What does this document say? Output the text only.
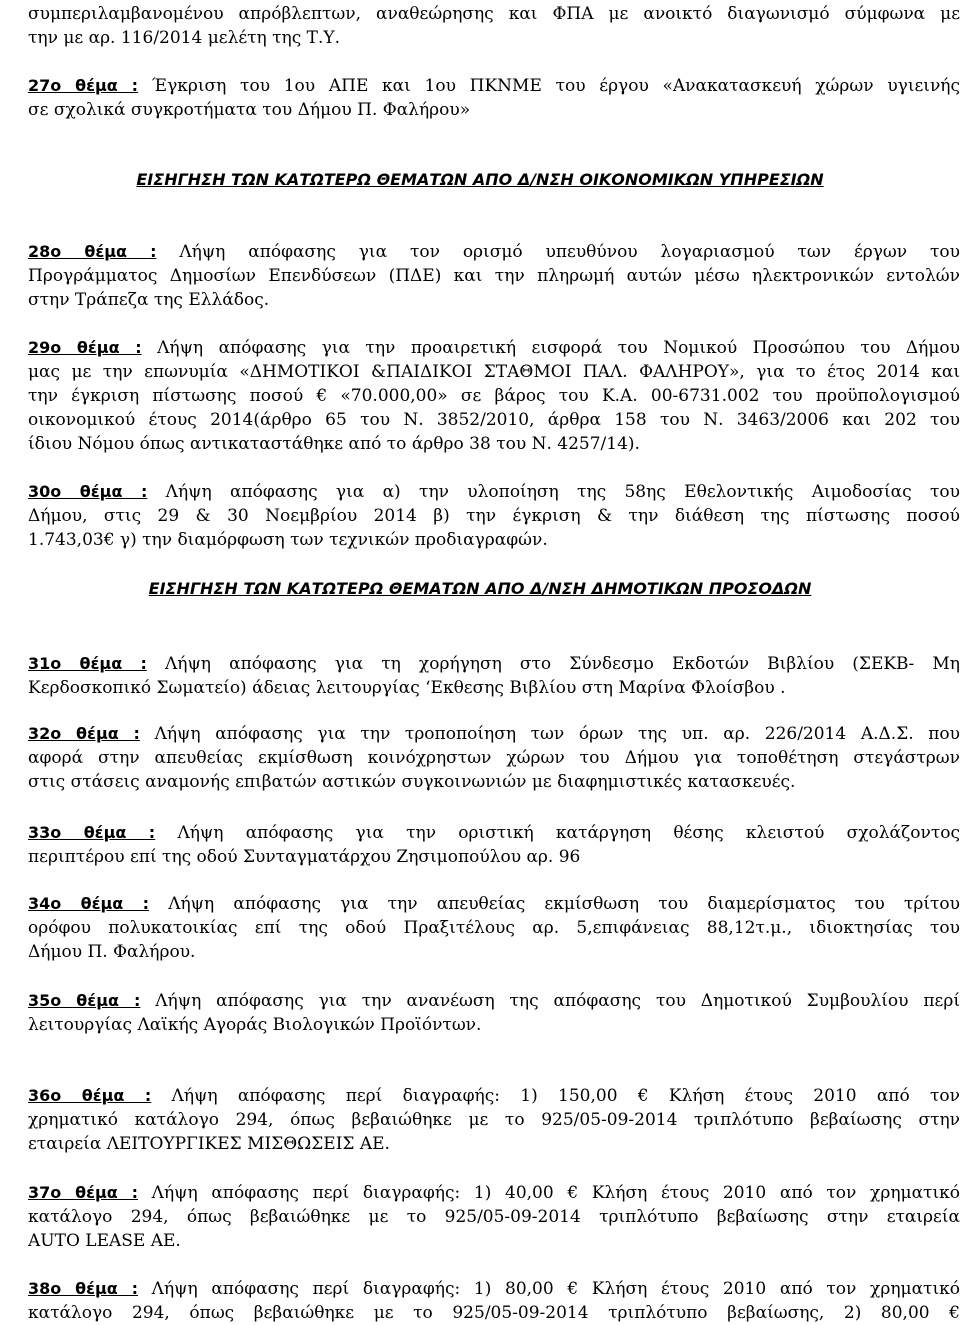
συμπεριλαμβανομένου απρόβλεπτων, αναθεώρησης και ΦΠΑ με ανοικτό διαγωνισμό σύμφωνα με
την με αρ. 116/2014 μελέτη της Τ.Υ.
27ο θέμα : Έγκριση του 1ου ΑΠΕ και 1ου ΠΚΝΜΕ του έργου «Ανακατασκευή χώρων υγιεινής
σε σχολικά συγκροτήματα του Δήμου Π. Φαλήρου»
ΕΙΣΗΓΗΣΗ ΤΩΝ ΚΑΤΩΤΕΡΩ ΘΕΜΑΤΩΝ ΑΠΟ Δ/ΝΣΗ ΟΙΚΟΝΟΜΙΚΩΝ ΥΠΗΡΕΣΙΩΝ
28ο θέμα : Λήψη απόφασης για τον ορισμό υπευθύνου λογαριασμού των έργων του
Προγράμματος Δημοσίων Επενδύσεων (ΠΔΕ) και την πληρωμή αυτών μέσω ηλεκτρονικών εντολών
στην Τράπεζα της Ελλάδος.
29ο θέμα : Λήψη απόφασης για την προαιρετική εισφορά του Νομικού Προσώπου του Δήμου
μας με την επωνυμία «ΔΗΜΟΤΙΚΟΙ &ΠΑΙΔΙΚΟΙ ΣΤΑΘΜΟΙ ΠΑΛ. ΦΑΛΗΡΟΥ», για το έτος 2014 και
την έγκριση πίστωσης ποσού € «70.000,00» σε βάρος του Κ.Α. 00-6731.002 του προϋπολογισμού
οικονομικού έτους 2014(άρθρο 65 του Ν. 3852/2010, άρθρα 158 του Ν. 3463/2006 και 202 του
ίδιου Νόμου όπως αντικαταστάθηκε από το άρθρο 38 του Ν. 4257/14).
30ο θέμα : Λήψη απόφασης για α) την υλοποίηση της 58ης Εθελοντικής Αιμοδοσίας του
Δήμου, στις 29 & 30 Νοεμβρίου 2014 β) την έγκριση & την διάθεση της πίστωσης ποσού
1.743,03€ γ) την διαμόρφωση των τεχνικών προδιαγραφών.
ΕΙΣΗΓΗΣΗ ΤΩΝ ΚΑΤΩΤΕΡΩ ΘΕΜΑΤΩΝ ΑΠΟ Δ/ΝΣΗ ΔΗΜΟΤΙΚΩΝ ΠΡΟΣΟΔΩΝ
31ο θέμα : Λήψη απόφασης για τη χορήγηση στο Σύνδεσμο Εκδοτών Βιβλίου (ΣΕΚΒ- Μη
Κερδοσκοπικό Σωματείο) άδειας λειτουργίας ‘Εκθεσης Βιβλίου στη Μαρίνα Φλοίσβου .
32ο θέμα : Λήψη απόφασης για την τροποποίηση των όρων της υπ. αρ. 226/2014 Α.Δ.Σ. που
αφορά στην απευθείας εκμίσθωση κοινόχρηστων χώρων του Δήμου για τοποθέτηση στεγάστρων
στις στάσεις αναμονής επιβατών αστικών συγκοινωνιών με διαφημιστικές κατασκευές.
33ο θέμα : Λήψη απόφασης για την οριστική κατάργηση θέσης κλειστού σχολάζοντος
περιπτέρου επί της οδού Συνταγματάρχου Ζησιμοπούλου αρ. 96
34ο θέμα : Λήψη απόφασης για την απευθείας εκμίσθωση του διαμερίσματος του τρίτου
ορόφου πολυκατοικίας επί της οδού Πραξιτέλους αρ. 5,επιφάνειας 88,12τ.μ., ιδιοκτησίας του
Δήμου Π. Φαλήρου.
35ο θέμα : Λήψη απόφασης για την ανανέωση της απόφασης του Δημοτικού Συμβουλίου περί
λειτουργίας Λαϊκής Αγοράς Βιολογικών Προϊόντων.
36ο θέμα : Λήψη απόφασης περί διαγραφής: 1) 150,00 € Κλήση έτους 2010 από τον
χρηματικό κατάλογο 294, όπως βεβαιώθηκε με το 925/05-09-2014 τριπλότυπο βεβαίωσης στην
εταιρεία ΛΕΙΤΟΥΡΓΙΚΕΣ ΜΙΣΘΩΣΕΙΣ ΑΕ.
37ο θέμα : Λήψη απόφασης περί διαγραφής: 1) 40,00 € Κλήση έτους 2010 από τον χρηματικό
κατάλογο 294, όπως βεβαιώθηκε με το 925/05-09-2014 τριπλότυπο βεβαίωσης στην εταιρεία
AUTO LEASE AE.
38ο θέμα : Λήψη απόφασης περί διαγραφής: 1) 80,00 € Κλήση έτους 2010 από τον χρηματικό
κατάλογο 294, όπως βεβαιώθηκε με το 925/05-09-2014 τριπλότυπο βεβαίωσης, 2) 80,00 €
